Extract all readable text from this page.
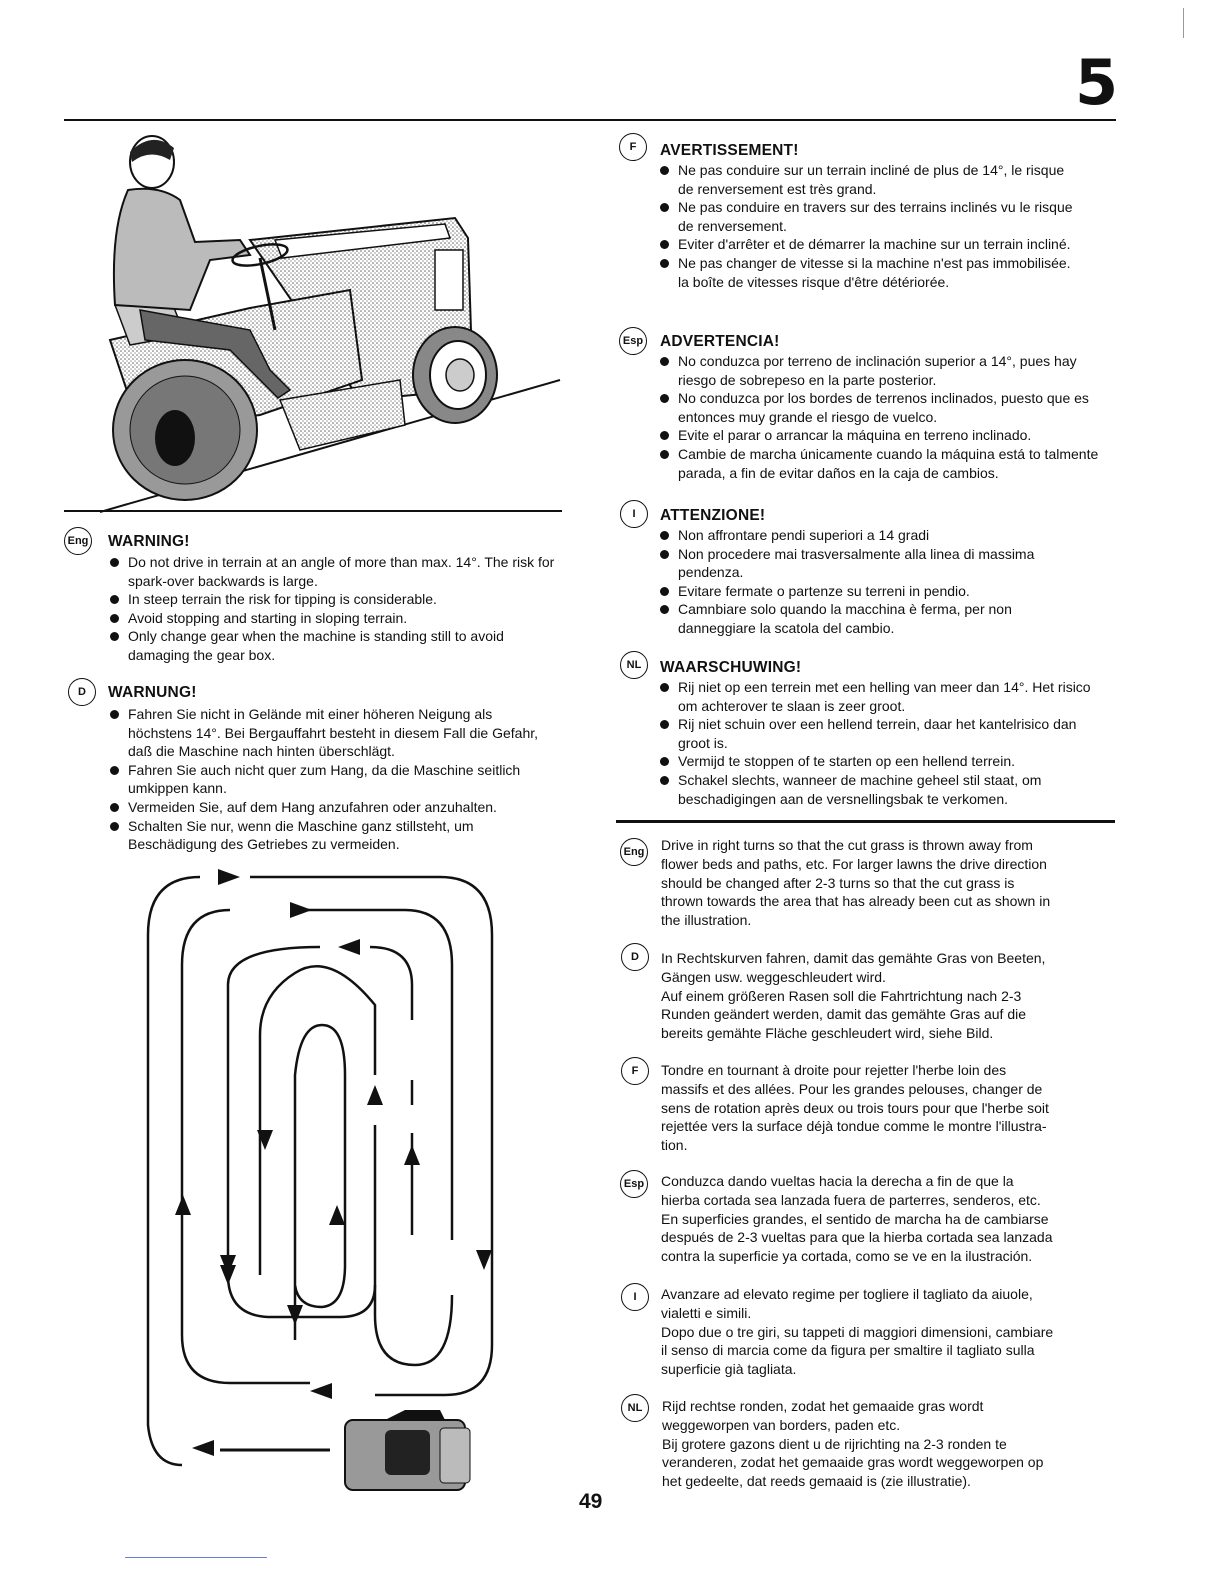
5
Eng WARNING!
Do not drive in terrain at an angle of more than max. 14°. The risk for spark-over backwards is large.
In steep terrain the risk for tipping is considerable.
Avoid stopping and starting in sloping terrain.
Only change gear when the machine is standing still to avoid damaging the gear box.
D	WARNUNG!
Fahren Sie nicht in Gelände mit einer höheren Neigung als höchstens 14°. Bei Bergauffahrt besteht in diesem Fall die Gefahr, daß die Maschine nach hinten überschlägt.
Fahren Sie auch nicht quer zum Hang, da die Maschine seitlich umkippen kann.
Vermeiden Sie, auf dem Hang anzufahren oder anzuhalten.
Schalten Sie nur, wenn die Maschine ganz stillsteht, um Beschädigung des Getriebes zu vermeiden.
F	AVERTISSEMENT!
Ne pas conduire sur un terrain incliné de plus de 14°, le risque de renversement est très grand.
Ne pas conduire en travers sur des terrains inclinés vu le risque de renversement.
Eviter d'arrêter et de démarrer la machine sur un terrain incliné.
Ne pas changer de vitesse si la machine n'est pas immobilisée. la boîte de vitesses risque d'être détériorée.
Esp ADVERTENCIA!
No conduzca por terreno de inclinación superior a 14°, pues hay riesgo de sobrepeso en la parte posterior.
No conduzca por los bordes de terrenos inclinados, puesto que es entonces muy grande el riesgo de vuelco.
Evite el parar o arrancar la máquina en terreno inclinado.
Cambie de marcha únicamente cuando la máquina está to talmente parada, a fin de evitar daños en la caja de cambios.
I	ATTENZIONE!
Non affrontare pendi superiori a 14 gradi
Non procedere mai trasversalmente alla linea di massima pendenza.
Evitare fermate o partenze su terreni in pendio.
Camnbiare solo quando la macchina è ferma, per non danneggiare la scatola del cambio.
NL	WAARSCHUWING!
Rij niet op een terrein met een helling van meer dan 14°. Het risico om achterover te slaan is zeer groot.
Rij niet schuin over een hellend terrein, daar het kantelrisico dan groot is.
Vermijd te stoppen of te starten op een hellend terrein.
Schakel slechts, wanneer de machine geheel stil staat, om beschadigingen aan de versnellingsbak te verkomen.
Eng Drive in right turns so that the cut grass is thrown away from
flower beds and paths, etc. For larger lawns the drive direction
should be changed after 2-3 turns so that the cut grass is
thrown towards the area that has already been cut as shown in
the illustration.
D	In Rechtskurven fahren, damit das gemähte Gras von Beeten,
Gängen usw. weggeschleudert wird.
Auf einem größeren Rasen soll die Fahrtrichtung nach 2-3
Runden geändert werden, damit das gemähte Gras auf die
bereits gemähte Fläche geschleudert wird, siehe Bild.
F	Tondre en tournant à droite pour rejetter l'herbe loin des
massifs et des allées. Pour les grandes pelouses, changer de
sens de rotation après deux ou trois tours pour que l'herbe soit
rejettée vers la surface déjà tondue comme le montre l'illustra-
tion.
Esp Conduzca dando vueltas hacia la derecha a fin de que la
hierba cortada sea lanzada fuera de parterres, senderos, etc.
En superficies grandes, el sentido de marcha ha de cambiarse
después de 2-3 vueltas para que la hierba cortada sea lanzada
contra la superficie ya cortada, como se ve en la ilustración.
I	Avanzare ad elevato regime per togliere il tagliato da aiuole,
vialetti e simili.
Dopo due o tre giri, su tappeti di maggiori dimensioni, cambiare
il senso di marcia come da figura per smaltire il tagliato sulla
superficie già tagliata.
NL	Rijd rechtse ronden, zodat het gemaaide gras wordt
weggeworpen van borders, paden etc.
Bij grotere gazons dient u de rijrichting na 2-3 ronden te
veranderen, zodat het gemaaide gras wordt weggeworpen op
het gedeelte, dat reeds gemaaid is (zie illustratie).
49
